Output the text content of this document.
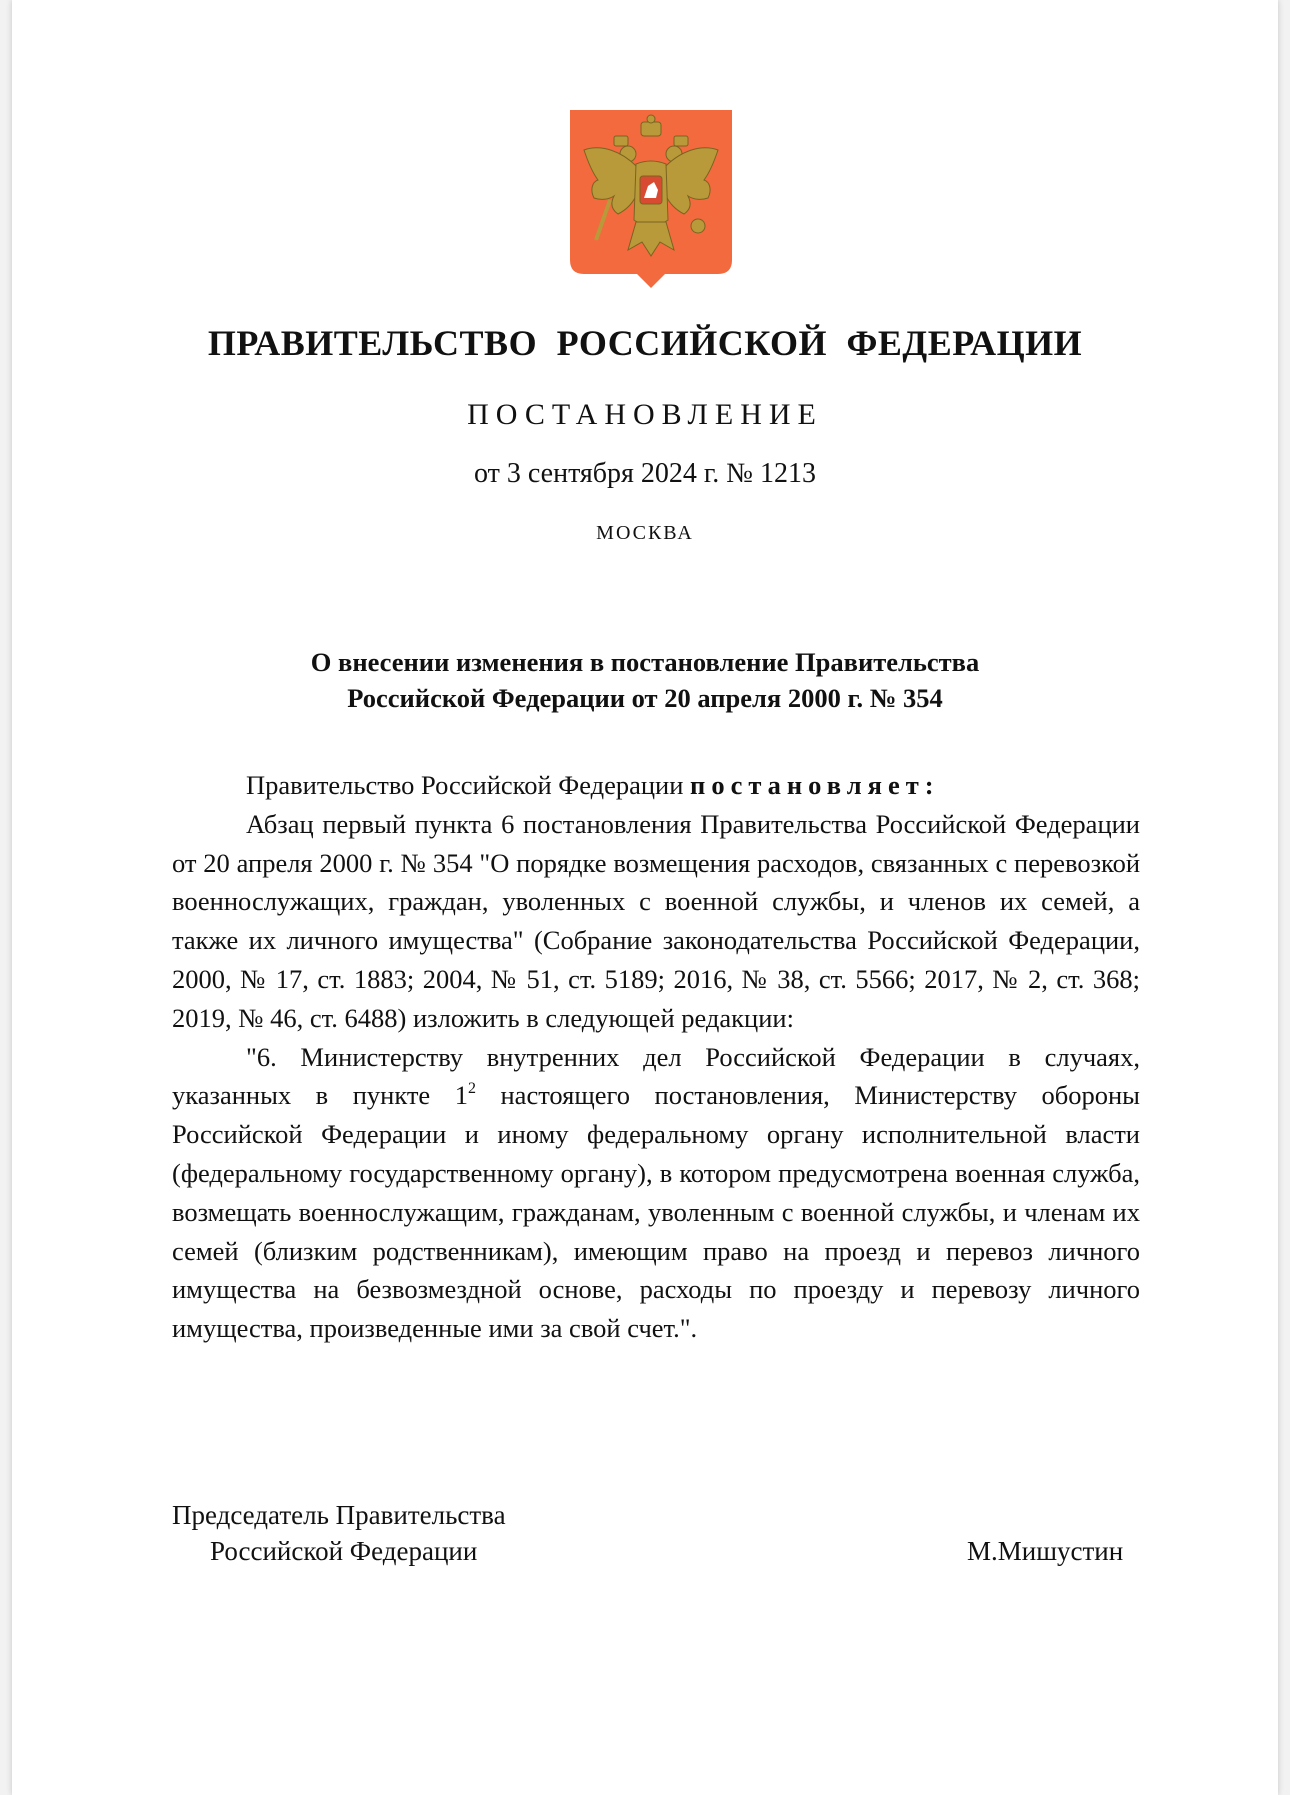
ПРАВИТЕЛЬСТВО РОССИЙСКОЙ ФЕДЕРАЦИИ
ПОСТАНОВЛЕНИЕ
от 3 сентября 2024 г. № 1213
МОСКВА
О внесении изменения в постановление Правительства
Российской Федерации от 20 апреля 2000 г. № 354

Правительство Российской Федерации постановляет:

Абзац первый пункта 6 постановления Правительства Российской Федерации от 20 апреля 2000 г. № 354 "О порядке возмещения расходов, связанных с перевозкой военнослужащих, граждан, уволенных с военной службы, и членов их семей, а также их личного имущества" (Собрание законодательства Российской Федерации, 2000, № 17, ст. 1883; 2004, № 51, ст. 5189; 2016, № 38, ст. 5566; 2017, № 2, ст. 368; 2019, № 46, ст. 6488) изложить в следующей редакции:

"6. Министерству внутренних дел Российской Федерации в случаях, указанных в пункте $1^2$ настоящего постановления, Министерству обороны Российской Федерации и иному федеральному органу исполнительной власти (федеральному государственному органу), в котором предусмотрена военная служба, возмещать военнослужащим, гражданам, уволенным с военной службы, и членам их семей (близким родственникам), имеющим право на проезд и перевоз личного имущества на безвозмездной основе, расходы по проезду и перевозу личного имущества, произведенные ими за свой счет.".

Председатель Правительства
Российской Федерации	М.Мишустин
